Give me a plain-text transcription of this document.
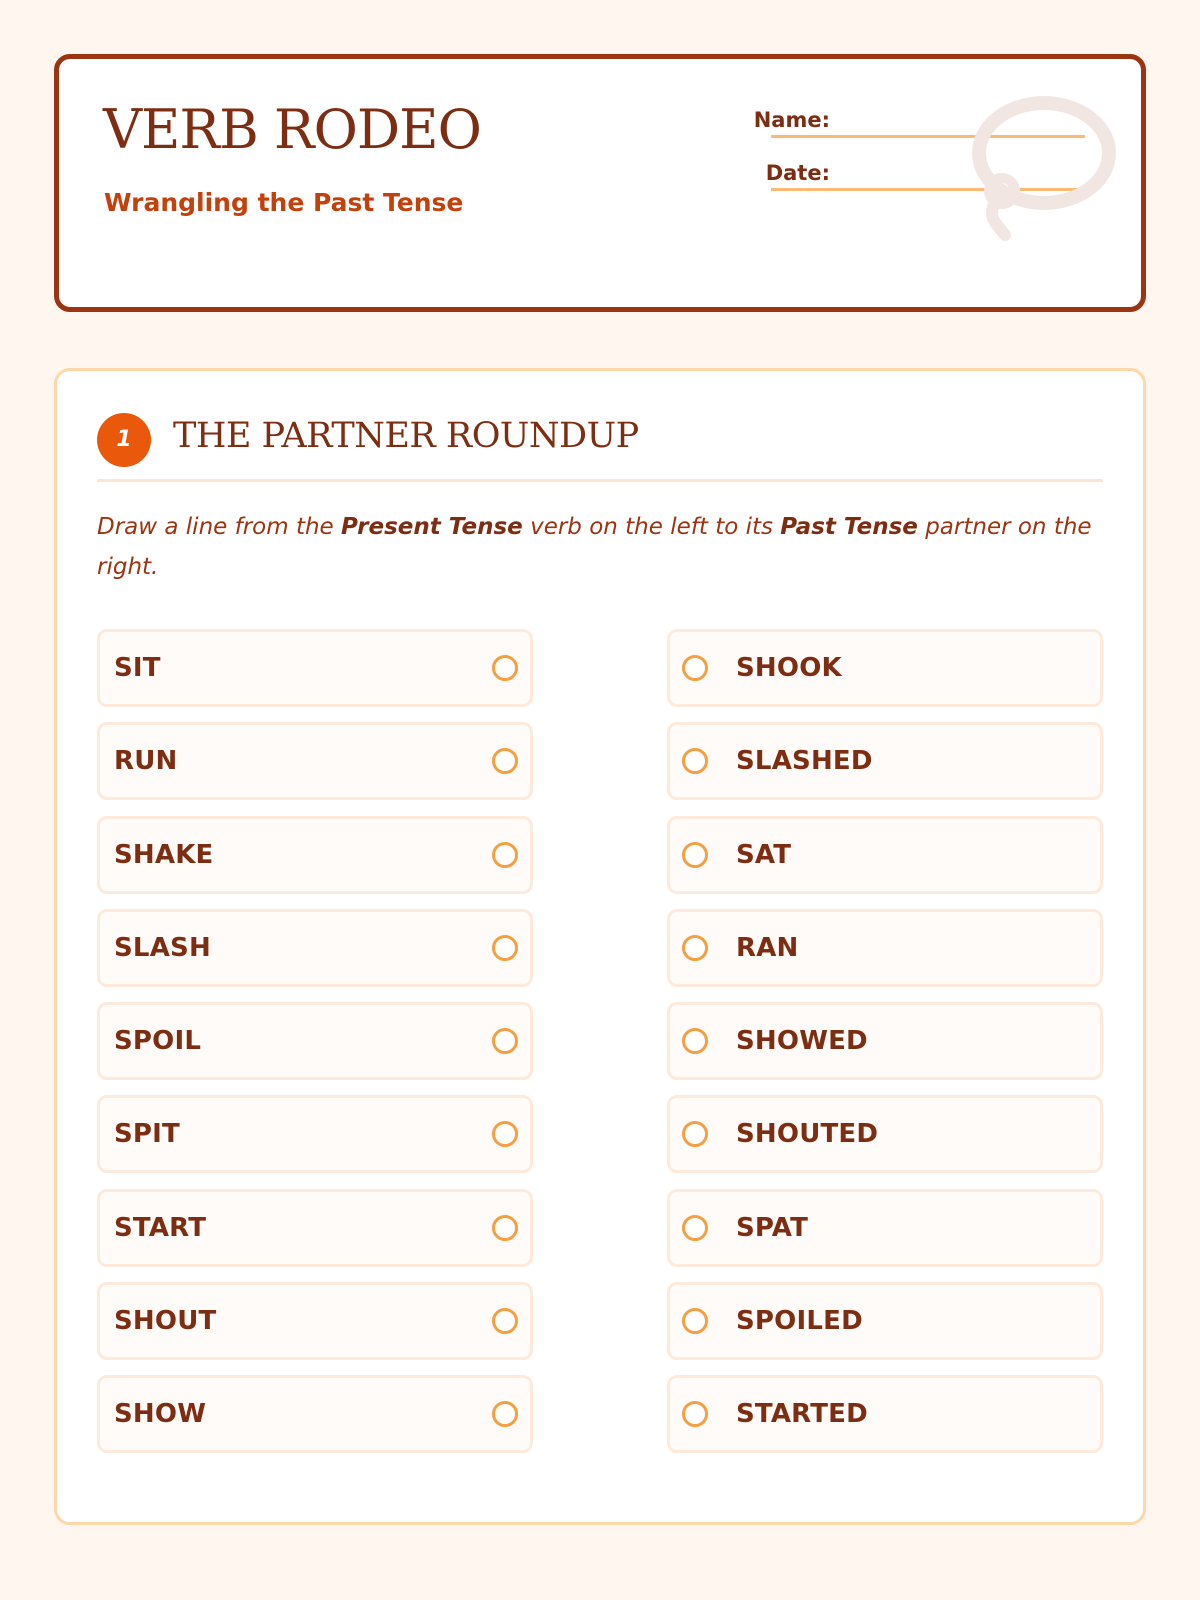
VERB RODEO

Wrangling the Past Tense

Name:
Date:
1	THE PARTNER ROUNDUP

Draw a line from the Present Tense verb on the left to its Past Tense partner on the right.

SIT
RUN
SHAKE
SLASH
SPOIL
SPIT
START
SHOUT
SHOW
SHOOK
SLASHED
SAT
RAN
SHOWED
SHOUTED
SPAT
SPOILED
STARTED
